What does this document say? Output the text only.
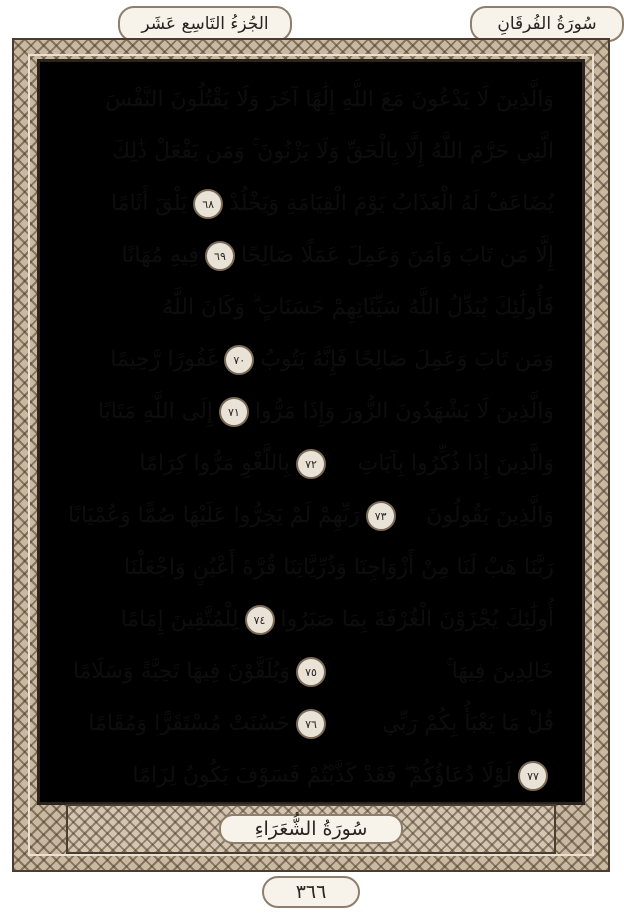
الجُزءُ التَاسِع عَشَر	سُورَةُ الفُرقَانِ
وَالَّذِينَ لَا يَدْعُونَ مَعَ اللَّهِ إِلَٰهًا آخَرَ وَلَا يَقْتُلُونَ النَّفْسَ
الَّتِي حَرَّمَ اللَّهُ إِلَّا بِالْحَقِّ وَلَا يَزْنُونَ ۚ وَمَن يَفْعَلْ ذَٰلِكَ
يَلْقَ أَثَامًا	٦٨ يُضَاعَفْ لَهُ الْعَذَابُ يَوْمَ الْقِيَامَةِ وَيَخْلُدْ
فِيهِ مُهَانًا	٦٩ إِلَّا مَن تَابَ وَآمَنَ وَعَمِلَ عَمَلًا صَالِحًا
فَأُولَٰئِكَ يُبَدِّلُ اللَّهُ سَيِّئَاتِهِمْ حَسَنَاتٍ ۗ وَكَانَ اللَّهُ
غَفُورًا رَّحِيمًا	٧٠ وَمَن تَابَ وَعَمِلَ صَالِحًا فَإِنَّهُ يَتُوبُ
إِلَى اللَّهِ مَتَابًا	٧١ وَالَّذِينَ لَا يَشْهَدُونَ الزُّورَ وَإِذَا مَرُّوا
بِاللَّغْوِ مَرُّوا كِرَامًا	٧٢	وَالَّذِينَ إِذَا ذُكِّرُوا بِآيَاتِ
رَبِّهِمْ لَمْ يَخِرُّوا عَلَيْهَا صُمًّا وَعُمْيَانًا	٧٣	وَالَّذِينَ يَقُولُونَ
رَبَّنَا هَبْ لَنَا مِنْ أَزْوَاجِنَا وَذُرِّيَّاتِنَا قُرَّةَ أَعْيُنٍ وَاجْعَلْنَا
لِلْمُتَّقِينَ إِمَامًا	٧٤ أُولَٰئِكَ يُجْزَوْنَ الْغُرْفَةَ بِمَا صَبَرُوا
وَيُلَقَّوْنَ فِيهَا تَحِيَّةً وَسَلَامًا	٧٥	خَالِدِينَ فِيهَا ۚ
حَسُنَتْ مُسْتَقَرًّا وَمُقَامًا	٧٦	قُلْ مَا يَعْبَأُ بِكُمْ رَبِّي
لَوْلَا دُعَاؤُكُمْ ۖ فَقَدْ كَذَّبْتُمْ فَسَوْفَ يَكُونُ لِزَامًا	٧٧
سُورَةُ الشُّعَرَاءِ
٣٦٦
